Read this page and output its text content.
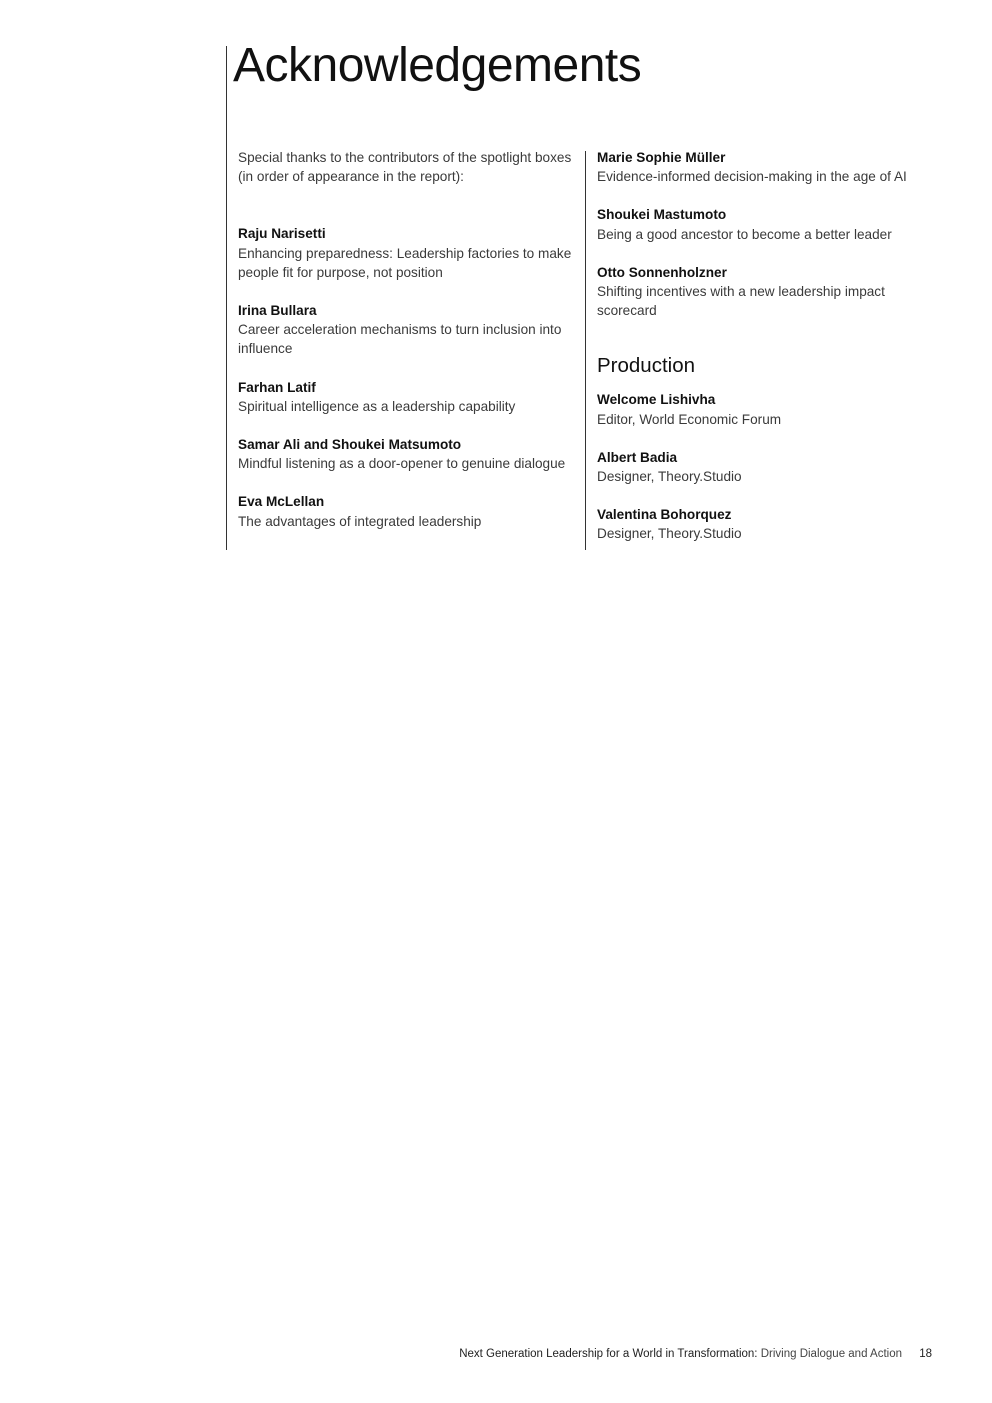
Acknowledgements

Special thanks to the contributors of the spotlight boxes (in order of appearance in the report):

Raju Narisetti
Enhancing preparedness: Leadership factories to make people fit for purpose, not position
Irina Bullara
Career acceleration mechanisms to turn inclusion into influence
Farhan Latif
Spiritual intelligence as a leadership capability
Samar Ali and Shoukei Matsumoto
Mindful listening as a door-opener to genuine dialogue
Eva McLellan
The advantages of integrated leadership
Marie Sophie Müller
Evidence-informed decision-making in the age of AI
Shoukei Mastumoto
Being a good ancestor to become a better leader
Otto Sonnenholzner
Shifting incentives with a new leadership impact scorecard
Production
Welcome Lishivha
Editor, World Economic Forum
Albert Badia
Designer, Theory.Studio
Valentina Bohorquez
Designer, Theory.Studio
Next Generation Leadership for a World in Transformation: Driving Dialogue and Action 18
